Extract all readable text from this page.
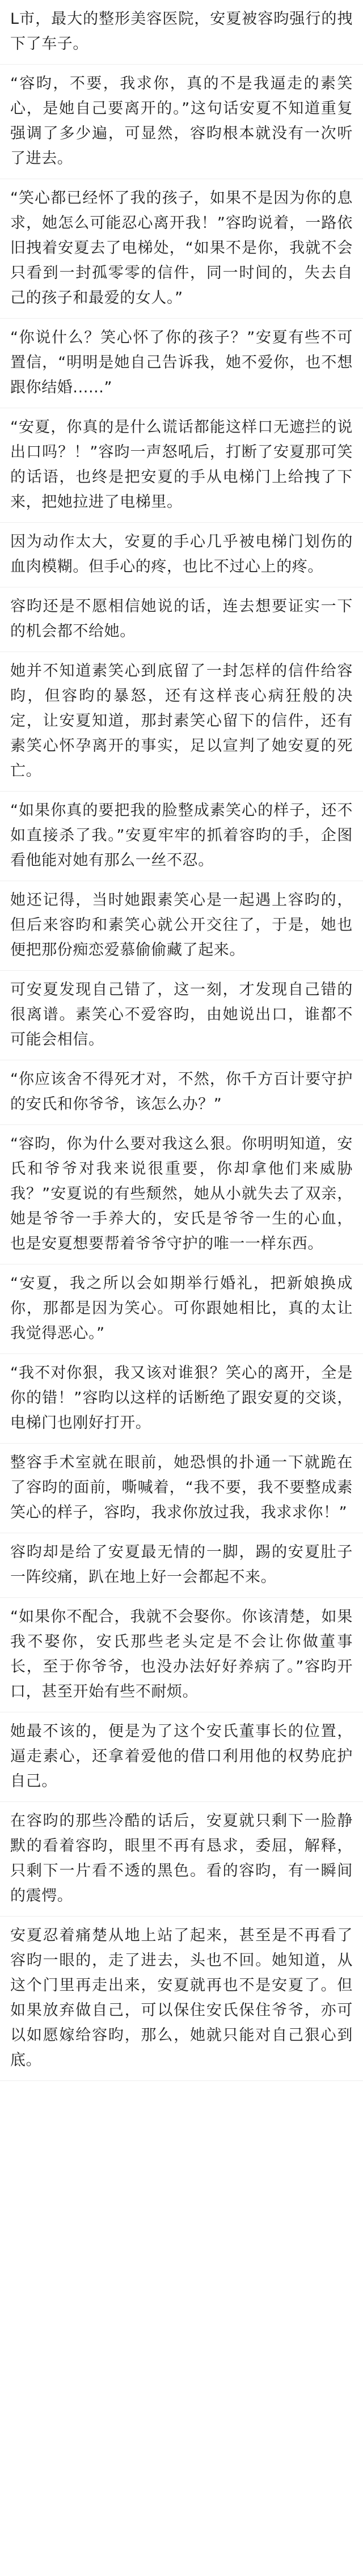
L市，最大的整形美容医院，安夏被容昀强行的拽下了车子。

“容昀，不要，我求你，真的不是我逼走的素笑心，是她自己要离开的。”这句话安夏不知道重复强调了多少遍，可显然，容昀根本就没有一次听了进去。

“笑心都已经怀了我的孩子，如果不是因为你的息求，她怎么可能忍心离开我！”容昀说着，一路依旧拽着安夏去了电梯处，“如果不是你，我就不会只看到一封孤零零的信件，同一时间的，失去自己的孩子和最爱的女人。”

“你说什么？笑心怀了你的孩子？”安夏有些不可置信，“明明是她自己告诉我，她不爱你，也不想跟你结婚......”

“安夏，你真的是什么谎话都能这样口无遮拦的说出口吗？！”容昀一声怒吼后，打断了安夏那可笑的话语，也终是把安夏的手从电梯门上给拽了下来，把她拉进了电梯里。

因为动作太大，安夏的手心几乎被电梯门划伤的血肉模糊。但手心的疼，也比不过心上的疼。

容昀还是不愿相信她说的话，连去想要证实一下的机会都不给她。

她并不知道素笑心到底留了一封怎样的信件给容昀，但容昀的暴怒，还有这样丧心病狂般的决定，让安夏知道，那封素笑心留下的信件，还有素笑心怀孕离开的事实，足以宣判了她安夏的死亡。

“如果你真的要把我的脸整成素笑心的样子，还不如直接杀了我。”安夏牢牢的抓着容昀的手，企图看他能对她有那么一丝不忍。

她还记得，当时她跟素笑心是一起遇上容昀的，但后来容昀和素笑心就公开交往了，于是，她也便把那份痴恋爱慕偷偷藏了起来。

可安夏发现自己错了，这一刻，才发现自己错的很离谱。素笑心不爱容昀，由她说出口，谁都不可能会相信。

“你应该舍不得死才对，不然，你千方百计要守护的安氏和你爷爷，该怎么办？”

“容昀，你为什么要对我这么狠。你明明知道，安氏和爷爷对我来说很重要，你却拿他们来威胁我？”安夏说的有些颓然，她从小就失去了双亲，她是爷爷一手养大的，安氏是爷爷一生的心血，也是安夏想要帮着爷爷守护的唯一一样东西。

“安夏，我之所以会如期举行婚礼，把新娘换成你，那都是因为笑心。可你跟她相比，真的太让我觉得恶心。”

“我不对你狠，我又该对谁狠？笑心的离开，全是你的错！”容昀以这样的话断绝了跟安夏的交谈，电梯门也刚好打开。

整容手术室就在眼前，她恐惧的扑通一下就跪在了容昀的面前，嘶喊着，“我不要，我不要整成素笑心的样子，容昀，我求你放过我，我求求你！”

容昀却是给了安夏最无情的一脚，踢的安夏肚子一阵绞痛，趴在地上好一会都起不来。

“如果你不配合，我就不会娶你。你该清楚，如果我不娶你，安氏那些老头定是不会让你做董事长，至于你爷爷，也没办法好好养病了。”容昀开口，甚至开始有些不耐烦。

她最不该的，便是为了这个安氏董事长的位置，逼走素心，还拿着爱他的借口利用他的权势庇护自己。

在容昀的那些冷酷的话后，安夏就只剩下一脸静默的看着容昀，眼里不再有恳求，委屈，解释，只剩下一片看不透的黑色。看的容昀，有一瞬间的震愕。

安夏忍着痛楚从地上站了起来，甚至是不再看了容昀一眼的，走了进去，头也不回。她知道，从这个门里再走出来，安夏就再也不是安夏了。但如果放弃做自己，可以保住安氏保住爷爷，亦可以如愿嫁给容昀，那么，她就只能对自己狠心到底。
